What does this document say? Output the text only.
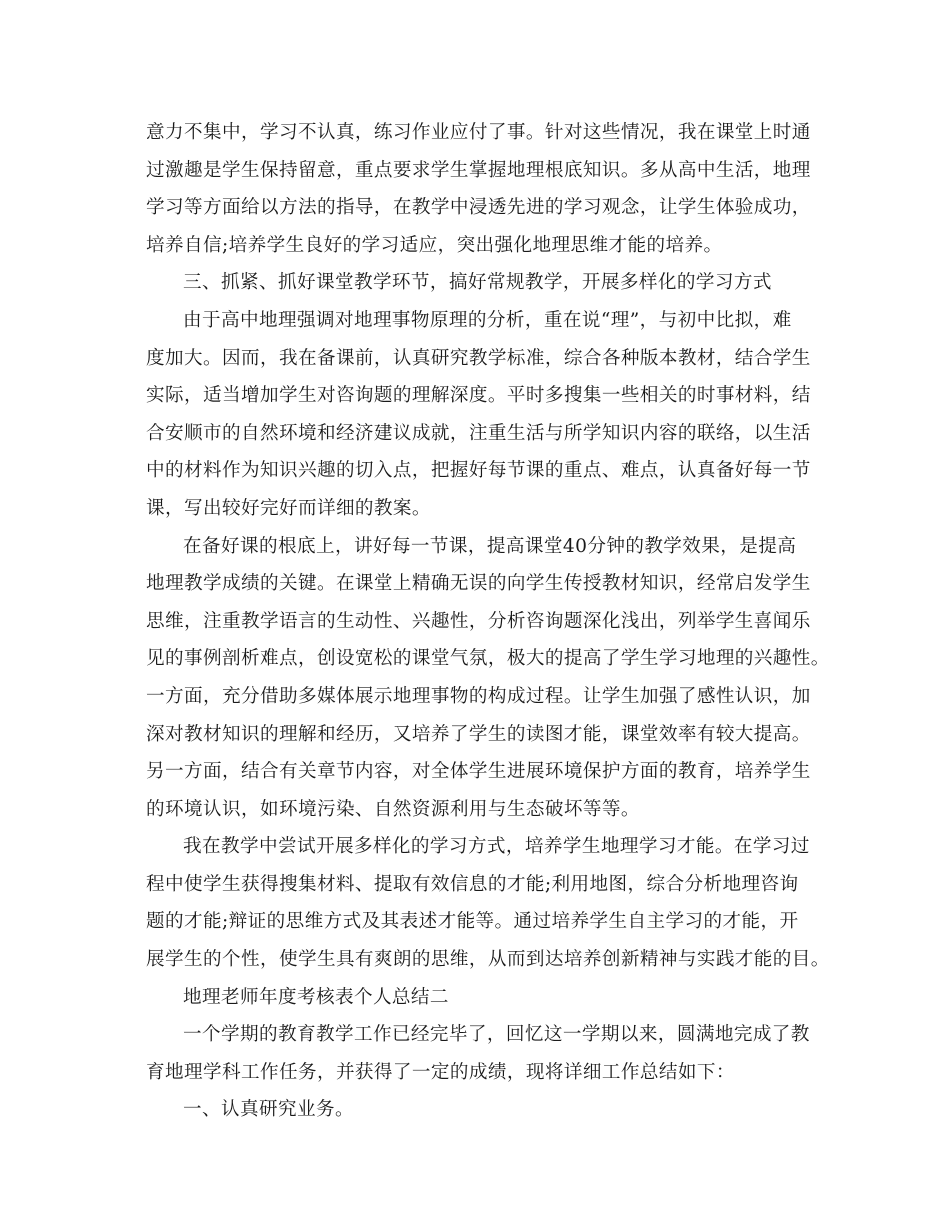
意力不集中，学习不认真，练习作业应付了事。针对这些情况，我在课堂上时通
过激趣是学生保持留意，重点要求学生掌握地理根底知识。多从高中生活，地理
学习等方面给以方法的指导，在教学中浸透先进的学习观念，让学生体验成功，
培养自信;培养学生良好的学习适应，突出强化地理思维才能的培养。
三、抓紧、抓好课堂教学环节，搞好常规教学，开展多样化的学习方式
由于高中地理强调对地理事物原理的分析，重在说“理”，与初中比拟，难
度加大。因而，我在备课前，认真研究教学标准，综合各种版本教材，结合学生
实际，适当增加学生对咨询题的理解深度。平时多搜集一些相关的时事材料，结
合安顺市的自然环境和经济建议成就，注重生活与所学知识内容的联络，以生活
中的材料作为知识兴趣的切入点，把握好每节课的重点、难点，认真备好每一节
课，写出较好完好而详细的教案。
在备好课的根底上，讲好每一节课，提高课堂40分钟的教学效果，是提高
地理教学成绩的关键。在课堂上精确无误的向学生传授教材知识，经常启发学生
思维，注重教学语言的生动性、兴趣性，分析咨询题深化浅出，列举学生喜闻乐
见的事例剖析难点，创设宽松的课堂气氛，极大的提高了学生学习地理的兴趣性。
一方面，充分借助多媒体展示地理事物的构成过程。让学生加强了感性认识，加
深对教材知识的理解和经历，又培养了学生的读图才能，课堂效率有较大提高。
另一方面，结合有关章节内容，对全体学生进展环境保护方面的教育，培养学生
的环境认识，如环境污染、自然资源利用与生态破坏等等。
我在教学中尝试开展多样化的学习方式，培养学生地理学习才能。在学习过
程中使学生获得搜集材料、提取有效信息的才能;利用地图，综合分析地理咨询
题的才能;辩证的思维方式及其表述才能等。通过培养学生自主学习的才能，开
展学生的个性，使学生具有爽朗的思维，从而到达培养创新精神与实践才能的目。
地理老师年度考核表个人总结二
一个学期的教育教学工作已经完毕了，回忆这一学期以来，圆满地完成了教
育地理学科工作任务，并获得了一定的成绩，现将详细工作总结如下：
一、认真研究业务。
